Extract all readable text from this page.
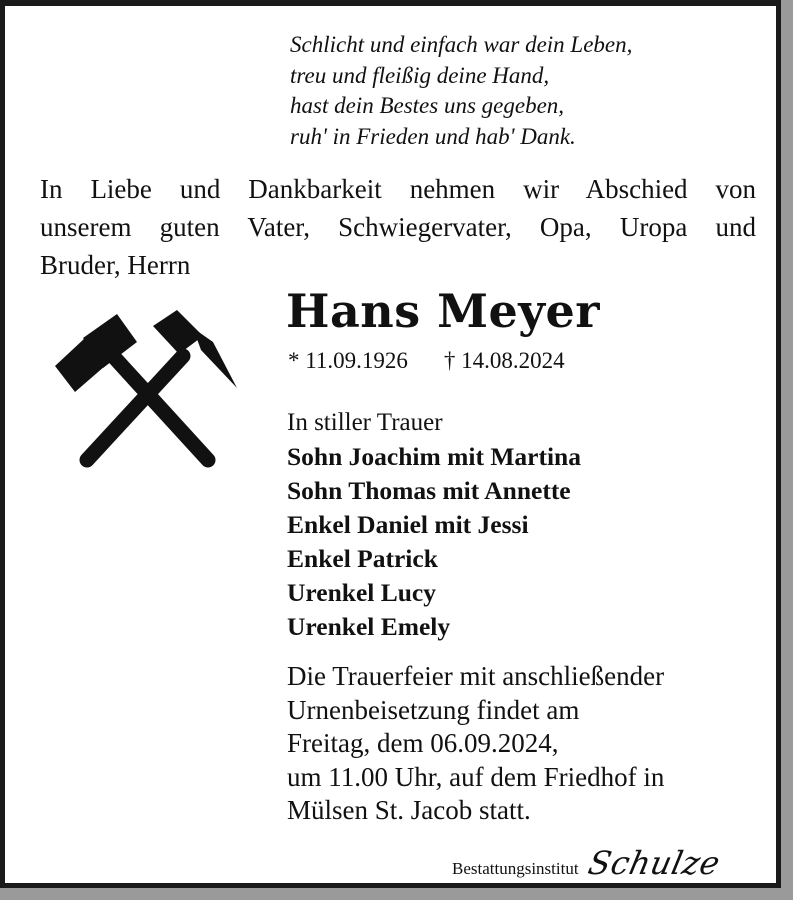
Schlicht und einfach war dein Leben,
treu und fleißig deine Hand,
hast dein Bestes uns gegeben,
ruh' in Frieden und hab' Dank.
In Liebe und Dankbarkeit nehmen wir Abschied von
unserem guten Vater, Schwiegervater, Opa, Uropa und
Bruder, Herrn
Hans Meyer
* 11.09.1926 † 14.08.2024
In stiller Trauer
Sohn Joachim mit Martina
Sohn Thomas mit Annette
Enkel Daniel mit Jessi
Enkel Patrick
Urenkel Lucy
Urenkel Emely
Die Trauerfeier mit anschließender
Urnenbeisetzung findet am
Freitag, dem 06.09.2024,
um 11.00 Uhr, auf dem Friedhof in
Mülsen St. Jacob statt.
Bestattungsinstitut Schulze
